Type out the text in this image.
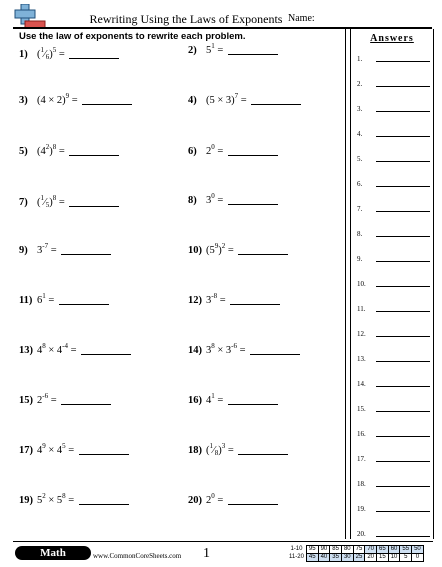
Rewriting Using the Laws of Exponents Name:
Use the law of exponents to rewrite each problem.
1) $(^1⁄_6)^5$ =	2) $5^1$ =
3) $(4 \times 2)^9$ =	4) $(5 \times 3)^7$ =
5) $(4^2)^8$ =	6) $2^0$ =
7) $(^1⁄_5)^8$ =	8) $3^0$ =
9) $3^{-7}$ =	10) $(5^9)^2$ =
11) $6^1$ =	12) $3^{-8}$ =
13) $4^8 \times 4^{-4}$ =	14) $3^8 \times 3^{-6}$ =
15) $2^{-6}$ =	16) $4^1$ =
17) $4^9 \times 4^5$ =	18) $(^1⁄_8)^3$ =
19) $5^2 \times 5^8$ =	20) $2^0$ =
Answers
1.
2.
3.
4.
5.
6.
7.
8.
9.
10.
11.
12.
13.
14.
15.
16.
17.
18.
19.
20.
Math	www.CommonCoreSheets.com 1	1-10	95	90	85	80	75	70	65	60	55	50
11-20	45	40	35	30	25	20	15	10	5	0
